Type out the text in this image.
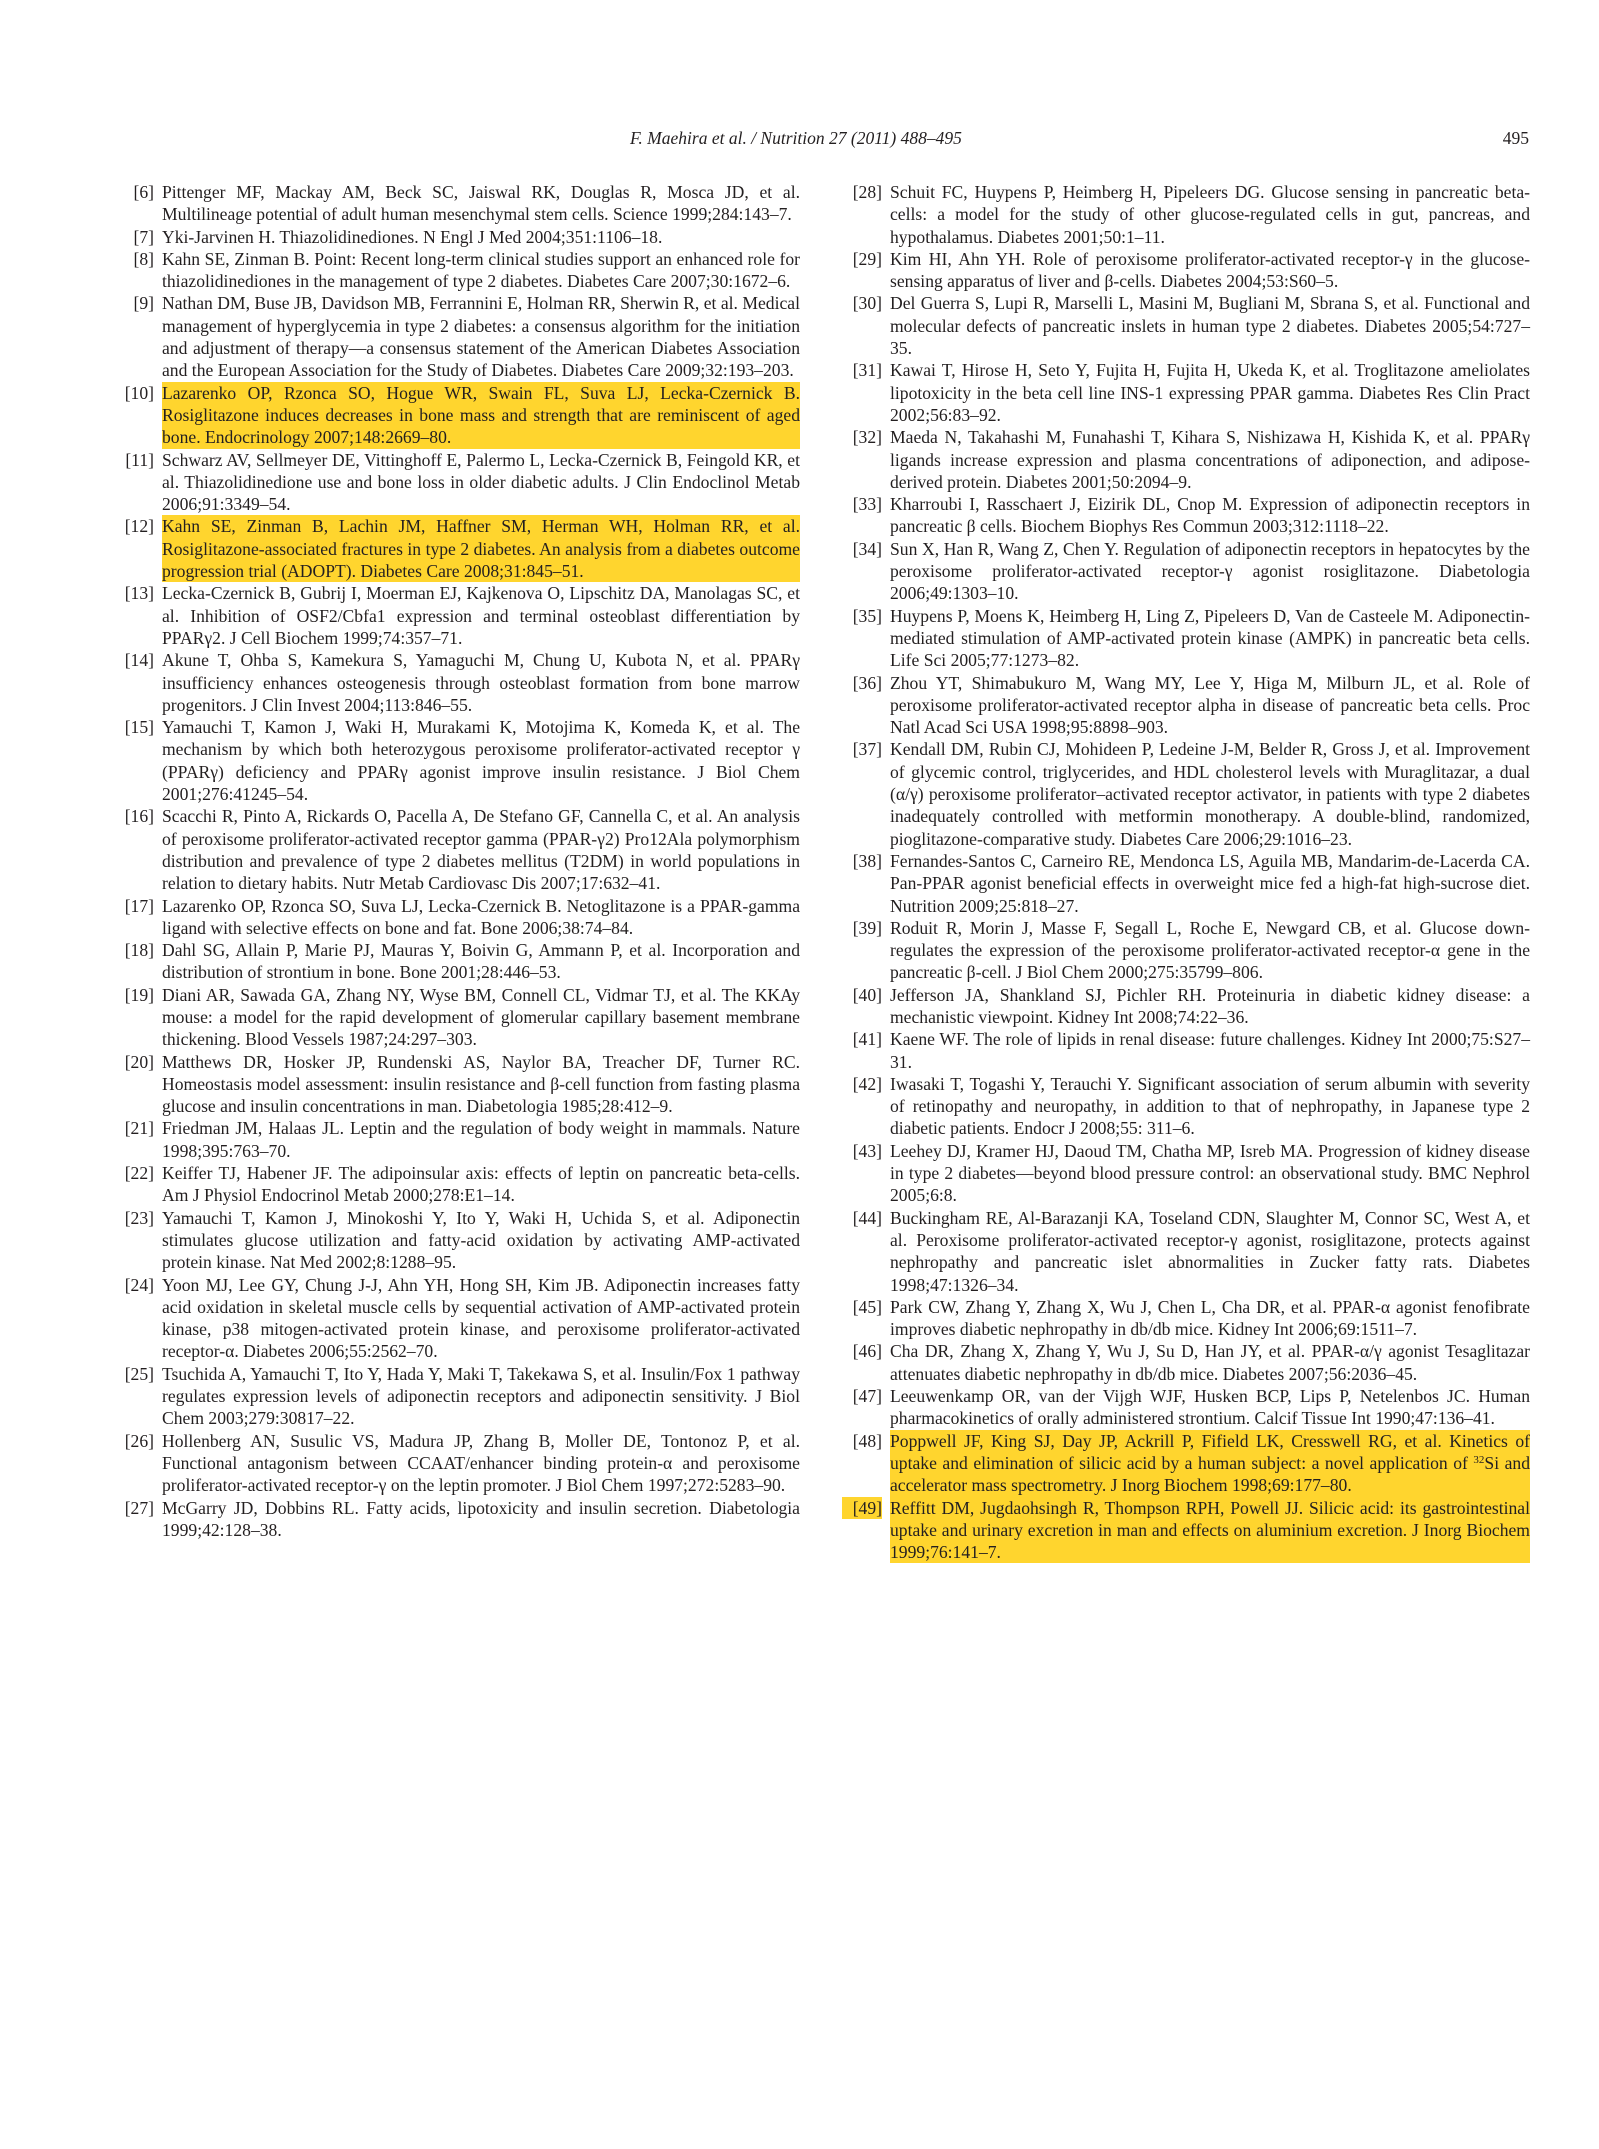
F. Maehira et al. / Nutrition 27 (2011) 488–495	495

[6] Pittenger MF, Mackay AM, Beck SC, Jaiswal RK, Douglas R, Mosca JD, et al. Multilineage potential of adult human mesenchymal stem cells. Science 1999;284:143–7.

[7] Yki-Jarvinen H. Thiazolidinediones. N Engl J Med 2004;351:1106–18.

[8] Kahn SE, Zinman B. Point: Recent long-term clinical studies support an enhanced role for thiazolidinediones in the management of type 2 diabetes. Diabetes Care 2007;30:1672–6.

[9] Nathan DM, Buse JB, Davidson MB, Ferrannini E, Holman RR, Sherwin R, et al. Medical management of hyperglycemia in type 2 diabetes: a consensus algorithm for the initiation and adjustment of therapy—a consensus statement of the American Diabetes Association and the European Association for the Study of Diabetes. Diabetes Care 2009;32:193–203.

[10] Lazarenko OP, Rzonca SO, Hogue WR, Swain FL, Suva LJ, Lecka-Czernick B. Rosiglitazone induces decreases in bone mass and strength that are reminiscent of aged bone. Endocrinology 2007;148:2669–80.

[11] Schwarz AV, Sellmeyer DE, Vittinghoff E, Palermo L, Lecka-Czernick B, Feingold KR, et al. Thiazolidinedione use and bone loss in older diabetic adults. J Clin Endoclinol Metab 2006;91:3349–54.

[12] Kahn SE, Zinman B, Lachin JM, Haffner SM, Herman WH, Holman RR, et al. Rosiglitazone-associated fractures in type 2 diabetes. An analysis from a diabetes outcome progression trial (ADOPT). Diabetes Care 2008;31:845–51.

[13] Lecka-Czernick B, Gubrij I, Moerman EJ, Kajkenova O, Lipschitz DA, Manolagas SC, et al. Inhibition of OSF2/Cbfa1 expression and terminal osteoblast differentiation by PPARγ2. J Cell Biochem 1999;74:357–71.

[14] Akune T, Ohba S, Kamekura S, Yamaguchi M, Chung U, Kubota N, et al. PPARγ insufficiency enhances osteogenesis through osteoblast formation from bone marrow progenitors. J Clin Invest 2004;113:846–55.

[15] Yamauchi T, Kamon J, Waki H, Murakami K, Motojima K, Komeda K, et al. The mechanism by which both heterozygous peroxisome proliferator-activated receptor γ (PPARγ) deficiency and PPARγ agonist improve insulin resistance. J Biol Chem 2001;276:41245–54.

[16] Scacchi R, Pinto A, Rickards O, Pacella A, De Stefano GF, Cannella C, et al. An analysis of peroxisome proliferator-activated receptor gamma (PPAR-γ2) Pro12Ala polymorphism distribution and prevalence of type 2 diabetes mellitus (T2DM) in world populations in relation to dietary habits. Nutr Metab Cardiovasc Dis 2007;17:632–41.

[17] Lazarenko OP, Rzonca SO, Suva LJ, Lecka-Czernick B. Netoglitazone is a PPAR-gamma ligand with selective effects on bone and fat. Bone 2006;38:74–84.

[18] Dahl SG, Allain P, Marie PJ, Mauras Y, Boivin G, Ammann P, et al. Incorporation and distribution of strontium in bone. Bone 2001;28:446–53.

[19] Diani AR, Sawada GA, Zhang NY, Wyse BM, Connell CL, Vidmar TJ, et al. The KKAy mouse: a model for the rapid development of glomerular capillary basement membrane thickening. Blood Vessels 1987;24:297–303.

[20] Matthews DR, Hosker JP, Rundenski AS, Naylor BA, Treacher DF, Turner RC. Homeostasis model assessment: insulin resistance and β-cell function from fasting plasma glucose and insulin concentrations in man. Diabetologia 1985;28:412–9.

[21] Friedman JM, Halaas JL. Leptin and the regulation of body weight in mammals. Nature 1998;395:763–70.

[22] Keiffer TJ, Habener JF. The adipoinsular axis: effects of leptin on pancreatic beta-cells. Am J Physiol Endocrinol Metab 2000;278:E1–14.

[23] Yamauchi T, Kamon J, Minokoshi Y, Ito Y, Waki H, Uchida S, et al. Adiponectin stimulates glucose utilization and fatty-acid oxidation by activating AMP-activated protein kinase. Nat Med 2002;8:1288–95.

[24] Yoon MJ, Lee GY, Chung J-J, Ahn YH, Hong SH, Kim JB. Adiponectin increases fatty acid oxidation in skeletal muscle cells by sequential activation of AMP-activated protein kinase, p38 mitogen-activated protein kinase, and peroxisome proliferator-activated receptor-α. Diabetes 2006;55:2562–70.

[25] Tsuchida A, Yamauchi T, Ito Y, Hada Y, Maki T, Takekawa S, et al. Insulin/Fox 1 pathway regulates expression levels of adiponectin receptors and adiponectin sensitivity. J Biol Chem 2003;279:30817–22.

[26] Hollenberg AN, Susulic VS, Madura JP, Zhang B, Moller DE, Tontonoz P, et al. Functional antagonism between CCAAT/enhancer binding protein-α and peroxisome proliferator-activated receptor-γ on the leptin promoter. J Biol Chem 1997;272:5283–90.

[27] McGarry JD, Dobbins RL. Fatty acids, lipotoxicity and insulin secretion. Diabetologia 1999;42:128–38.

[28] Schuit FC, Huypens P, Heimberg H, Pipeleers DG. Glucose sensing in pancreatic beta-cells: a model for the study of other glucose-regulated cells in gut, pancreas, and hypothalamus. Diabetes 2001;50:1–11.

[29] Kim HI, Ahn YH. Role of peroxisome proliferator-activated receptor-γ in the glucose-sensing apparatus of liver and β-cells. Diabetes 2004;53:S60–5.

[30] Del Guerra S, Lupi R, Marselli L, Masini M, Bugliani M, Sbrana S, et al. Functional and molecular defects of pancreatic inslets in human type 2 diabetes. Diabetes 2005;54:727–35.

[31] Kawai T, Hirose H, Seto Y, Fujita H, Fujita H, Ukeda K, et al. Troglitazone ameliolates lipotoxicity in the beta cell line INS-1 expressing PPAR gamma. Diabetes Res Clin Pract 2002;56:83–92.

[32] Maeda N, Takahashi M, Funahashi T, Kihara S, Nishizawa H, Kishida K, et al. PPARγ ligands increase expression and plasma concentrations of adiponection, and adipose-derived protein. Diabetes 2001;50:2094–9.

[33] Kharroubi I, Rasschaert J, Eizirik DL, Cnop M. Expression of adiponectin receptors in pancreatic β cells. Biochem Biophys Res Commun 2003;312:1118–22.

[34] Sun X, Han R, Wang Z, Chen Y. Regulation of adiponectin receptors in hepatocytes by the peroxisome proliferator-activated receptor-γ agonist rosiglitazone. Diabetologia 2006;49:1303–10.

[35] Huypens P, Moens K, Heimberg H, Ling Z, Pipeleers D, Van de Casteele M. Adiponectin-mediated stimulation of AMP-activated protein kinase (AMPK) in pancreatic beta cells. Life Sci 2005;77:1273–82.

[36] Zhou YT, Shimabukuro M, Wang MY, Lee Y, Higa M, Milburn JL, et al. Role of peroxisome proliferator-activated receptor alpha in disease of pancreatic beta cells. Proc Natl Acad Sci USA 1998;95:8898–903.

[37] Kendall DM, Rubin CJ, Mohideen P, Ledeine J-M, Belder R, Gross J, et al. Improvement of glycemic control, triglycerides, and HDL cholesterol levels with Muraglitazar, a dual (α/γ) peroxisome proliferator–activated receptor activator, in patients with type 2 diabetes inadequately controlled with metformin monotherapy. A double-blind, randomized, pioglitazone-comparative study. Diabetes Care 2006;29:1016–23.

[38] Fernandes-Santos C, Carneiro RE, Mendonca LS, Aguila MB, Mandarim-de-Lacerda CA. Pan-PPAR agonist beneficial effects in overweight mice fed a high-fat high-sucrose diet. Nutrition 2009;25:818–27.

[39] Roduit R, Morin J, Masse F, Segall L, Roche E, Newgard CB, et al. Glucose down-regulates the expression of the peroxisome proliferator-activated receptor-α gene in the pancreatic β-cell. J Biol Chem 2000;275:35799–806.

[40] Jefferson JA, Shankland SJ, Pichler RH. Proteinuria in diabetic kidney disease: a mechanistic viewpoint. Kidney Int 2008;74:22–36.

[41] Kaene WF. The role of lipids in renal disease: future challenges. Kidney Int 2000;75:S27–31.

[42] Iwasaki T, Togashi Y, Terauchi Y. Significant association of serum albumin with severity of retinopathy and neuropathy, in addition to that of nephropathy, in Japanese type 2 diabetic patients. Endocr J 2008;55: 311–6.

[43] Leehey DJ, Kramer HJ, Daoud TM, Chatha MP, Isreb MA. Progression of kidney disease in type 2 diabetes—beyond blood pressure control: an observational study. BMC Nephrol 2005;6:8.

[44] Buckingham RE, Al-Barazanji KA, Toseland CDN, Slaughter M, Connor SC, West A, et al. Peroxisome proliferator-activated receptor-γ agonist, rosiglitazone, protects against nephropathy and pancreatic islet abnormalities in Zucker fatty rats. Diabetes 1998;47:1326–34.

[45] Park CW, Zhang Y, Zhang X, Wu J, Chen L, Cha DR, et al. PPAR-α agonist fenofibrate improves diabetic nephropathy in db/db mice. Kidney Int 2006;69:1511–7.

[46] Cha DR, Zhang X, Zhang Y, Wu J, Su D, Han JY, et al. PPAR-α/γ agonist Tesaglitazar attenuates diabetic nephropathy in db/db mice. Diabetes 2007;56:2036–45.

[47] Leeuwenkamp OR, van der Vijgh WJF, Husken BCP, Lips P, Netelenbos JC. Human pharmacokinetics of orally administered strontium. Calcif Tissue Int 1990;47:136–41.

[48] Poppwell JF, King SJ, Day JP, Ackrill P, Fifield LK, Cresswell RG, et al. Kinetics of uptake and elimination of silicic acid by a human subject: a novel application of $^{32}$Si and accelerator mass spectrometry. J Inorg Biochem 1998;69:177–80.

[49] Reffitt DM, Jugdaohsingh R, Thompson RPH, Powell JJ. Silicic acid: its gastrointestinal uptake and urinary excretion in man and effects on aluminium excretion. J Inorg Biochem 1999;76:141–7.
